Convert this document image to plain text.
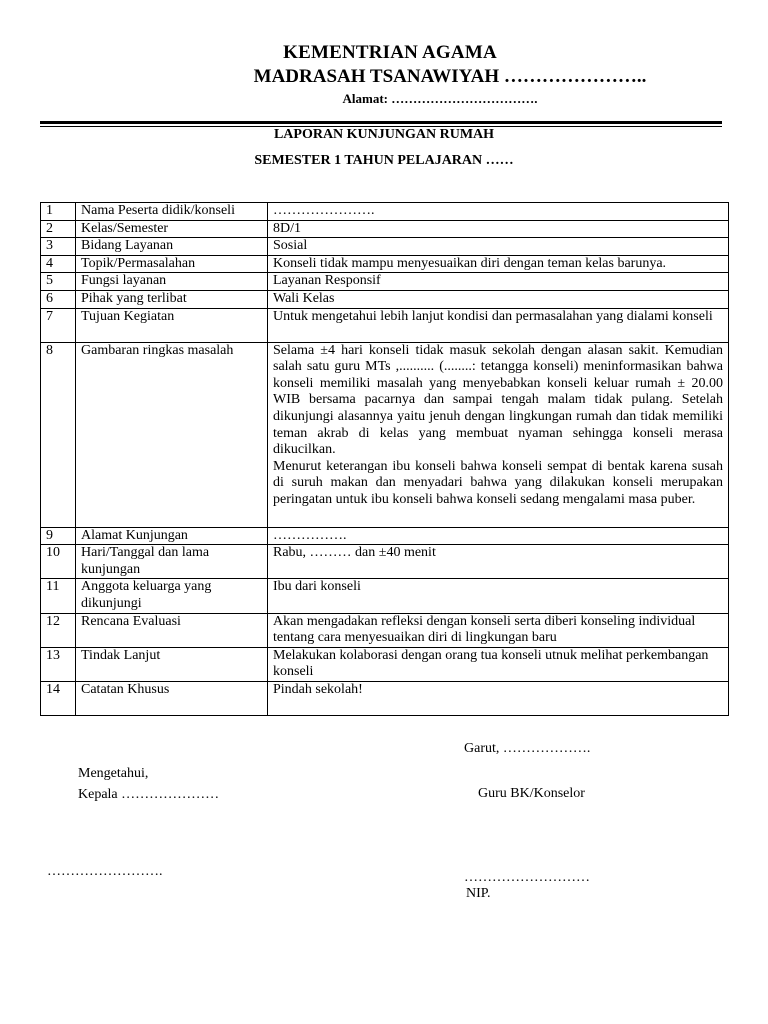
KEMENTRIAN AGAMA
MADRASAH TSANAWIYAH …………………..
Alamat: …………………………….
LAPORAN KUNJUNGAN RUMAH
SEMESTER 1 TAHUN PELAJARAN ……
1	Nama Peserta didik/konseli	………………….
2	Kelas/Semester	8D/1
3	Bidang Layanan	Sosial
4	Topik/Permasalahan	Konseli tidak mampu menyesuaikan diri dengan teman kelas barunya.
5	Fungsi layanan	Layanan Responsif
6	Pihak yang terlibat	Wali Kelas
7	Tujuan Kegiatan	Untuk mengetahui lebih lanjut kondisi dan permasalahan yang dialami konseli
8	Gambaran ringkas masalah	Selama ±4 hari konseli tidak masuk sekolah dengan alasan sakit. Kemudian salah satu guru MTs ,.......... (........: tetangga konseli) meninformasikan bahwa konseli memiliki masalah yang menyebabkan konseli keluar rumah ± 20.00 WIB bersama pacarnya dan sampai tengah malam tidak pulang. Setelah dikunjungi alasannya yaitu jenuh dengan lingkungan rumah dan tidak memiliki teman akrab di kelas yang membuat nyaman sehingga konseli merasa dikucilkan.
Menurut keterangan ibu konseli bahwa konseli sempat di bentak karena susah di suruh makan dan menyadari bahwa yang dilakukan konseli merupakan peringatan untuk ibu konseli bahwa konseli sedang mengalami masa puber.

9	Alamat Kunjungan	…………….
10	Hari/Tanggal dan lama kunjungan	Rabu, ……… dan ±40 menit
11	Anggota keluarga yang dikunjungi	Ibu dari konseli
12	Rencana Evaluasi	Akan mengadakan refleksi dengan konseli serta diberi konseling individual tentang cara menyesuaikan diri di lingkungan baru
13	Tindak Lanjut	Melakukan kolaborasi dengan orang tua konseli utnuk melihat perkembangan konseli
14	Catatan Khusus	Pindah sekolah!
Garut, ……………….
Mengetahui,
Kepala …………………	Guru BK/Konselor
…………………….	………………………
NIP.
